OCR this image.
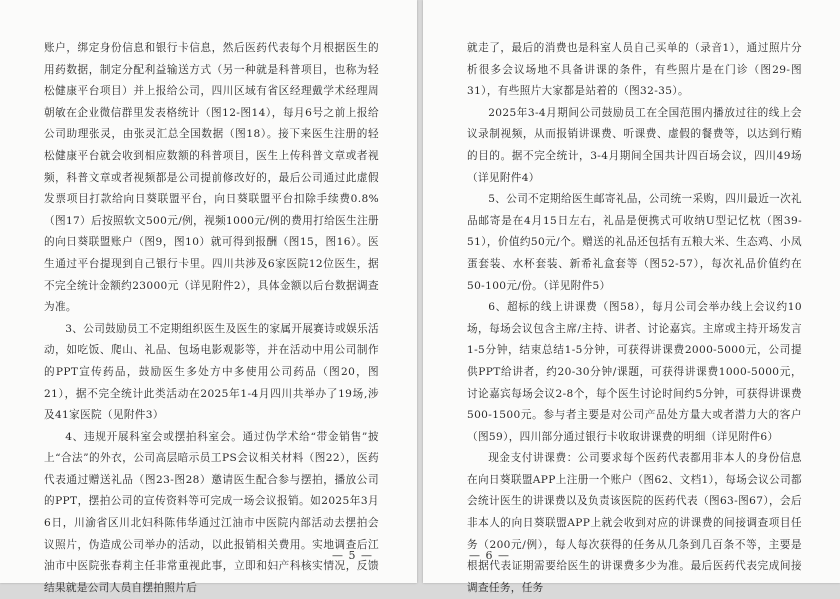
账户，绑定身份信息和银行卡信息，然后医药代表每个月根据医生的用药数据，制定分配利益输送方式（另一种就是科普项目，也称为轻松健康平台项目）并上报给公司，四川区域有省区经理戴学术经理周朝敏在企业微信群里发表格统计（图12-图14），每月6号之前上报给公司助理张灵，由张灵汇总全国数据（图18）。接下来医生注册的轻松健康平台就会收到相应数额的科普项目，医生上传科普文章或者视频，科普文章或者视频都是公司提前修改好的，最后公司通过此虚假发票项目打款给向日葵联盟平台，向日葵联盟平台扣除手续费0.8%（图17）后按照软文500元/例，视频1000元/例的费用打给医生注册的向日葵联盟账户（图9，图10）就可得到报酬（图15，图16）。医生通过平台提现到自己银行卡里。四川共涉及6家医院12位医生，据不完全统计金额约23000元（详见附件2），具体金额以后台数据调查为准。

3、公司鼓励员工不定期组织医生及医生的家属开展赛诗或娱乐活动，如吃饭、爬山、礼品、包场电影观影等，并在活动中用公司制作的PPT宣传药品，鼓励医生多处方中多使用公司药品（图20，图21），据不完全统计此类活动在2025年1-4月四川共举办了19场,涉及41家医院（见附件3）

4、违规开展科室会或摆拍科室会。通过伪学术给“带金销售”披上“合法”的外衣，公司高层暗示员工PS会议相关材料（图22），医药代表通过赠送礼品（图23-图28）邀请医生配合参与摆拍，播放公司的PPT，摆拍公司的宣传资料等可完成一场会议报销。如2025年3月6日，川渝省区川北妇科陈伟华通过江油市中医院内部活动去摆拍会议照片，伪造成公司举办的活动，以此报销相关费用。实地调查后江油市中医院张春莉主任非常重视此事，立即和妇产科核实情况，反馈结果就是公司人员自摆拍照片后

— 5 —

就走了，最后的消费也是科室人员自己买单的（录音1），通过照片分析很多会议场地不具备讲课的条件，有些照片是在门诊（图29-图31），有些照片大家都是站着的（图32-35）。

2025年3-4月期间公司鼓励员工在全国范围内播放过往的线上会议录制视频，从而报销讲课费、听课费、虚假的餐费等，以达到行贿的目的。据不完全统计，3-4月期间全国共计四百场会议，四川49场（详见附件4）

5、公司不定期给医生邮寄礼品，公司统一采购，四川最近一次礼品邮寄是在4月15日左右，礼品是便携式可收纳U型记忆枕（图39-51），价值约50元/个。赠送的礼品还包括有五粮大米、生态鸡、小凤蛋套装、水杯套装、新希礼盒套等（图52-57），每次礼品价值约在50-100元/份。（详见附件5）

6、超标的线上讲课费（图58），每月公司会举办线上会议约10场，每场会议包含主席/主持、讲者、讨论嘉宾。主席或主持开场发言1-5分钟，结束总结1-5分钟，可获得讲课费2000-5000元，公司提供PPT给讲者，约20-30分钟/课题，可获得讲课费1000-5000元，讨论嘉宾每场会议2-8个，每个医生讨论时间约5分钟，可获得讲课费500-1500元。参与者主要是对公司产品处方量大或者潜力大的客户（图59），四川部分通过银行卡收取讲课费的明细（详见附件6）

现金支付讲课费：公司要求每个医药代表都用非本人的身份信息在向日葵联盟APP上注册一个账户（图62、文档1），每场会议公司都会统计医生的讲课费以及负责该医院的医药代表（图63-图67），会后非本人的向日葵联盟APP上就会收到对应的讲课费的间接调查项目任务（200元/例），每人每次获得的任务从几条到几百条不等，主要是根据代表证期需要给医生的讲课费多少为准。最后医药代表完成间接调查任务，任务

— 6 —
